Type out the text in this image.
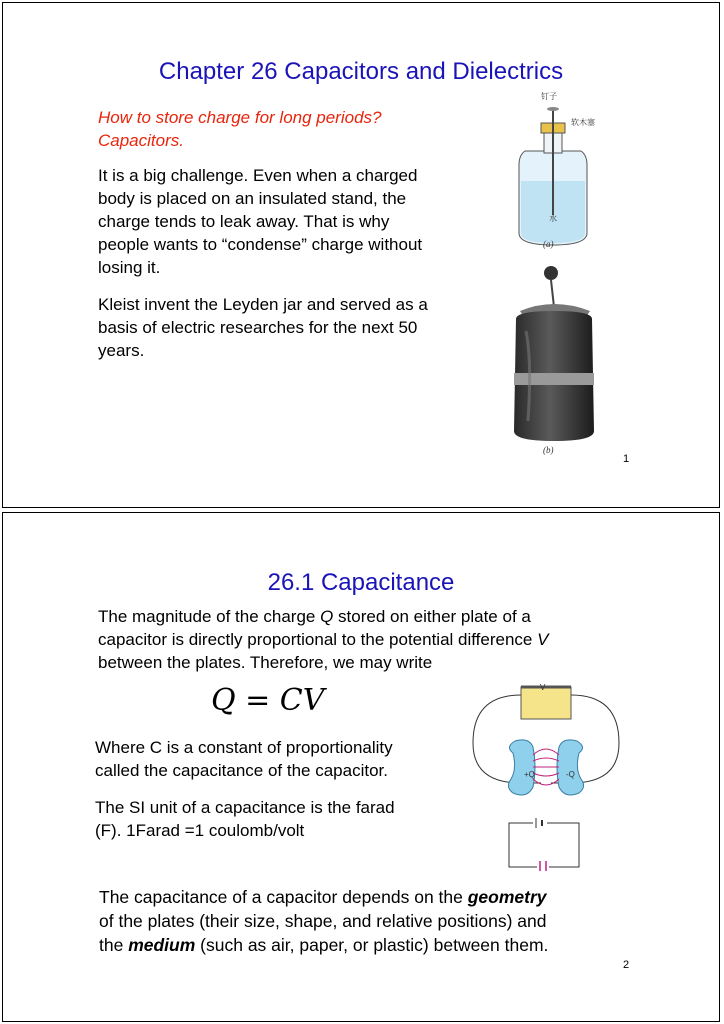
Chapter 26 Capacitors and Dielectrics
How to store charge for long periods?
Capacitors.
It is a big challenge. Even when a charged
body is placed on an insulated stand, the
charge tends to leak away. That is why
people wants to “condense” charge without
losing it.
Kleist invent the Leyden jar and served as a
basis of electric researches for the next 50
years.
钉子
软木塞
水
(a)
(b)
1
26.1 Capacitance
The magnitude of the charge Q stored on either plate of a
capacitor is directly proportional to the potential difference V
between the plates. Therefore, we may write
Q = CV
Where C is a constant of proportionality
called the capacitance of the capacitor.
The SI unit of a capacitance is the farad
(F). 1Farad =1 coulomb/volt
+Q	-Q
V
The capacitance of a capacitor depends on the geometry
of the plates (their size, shape, and relative positions) and
the medium (such as air, paper, or plastic) between them.
2
